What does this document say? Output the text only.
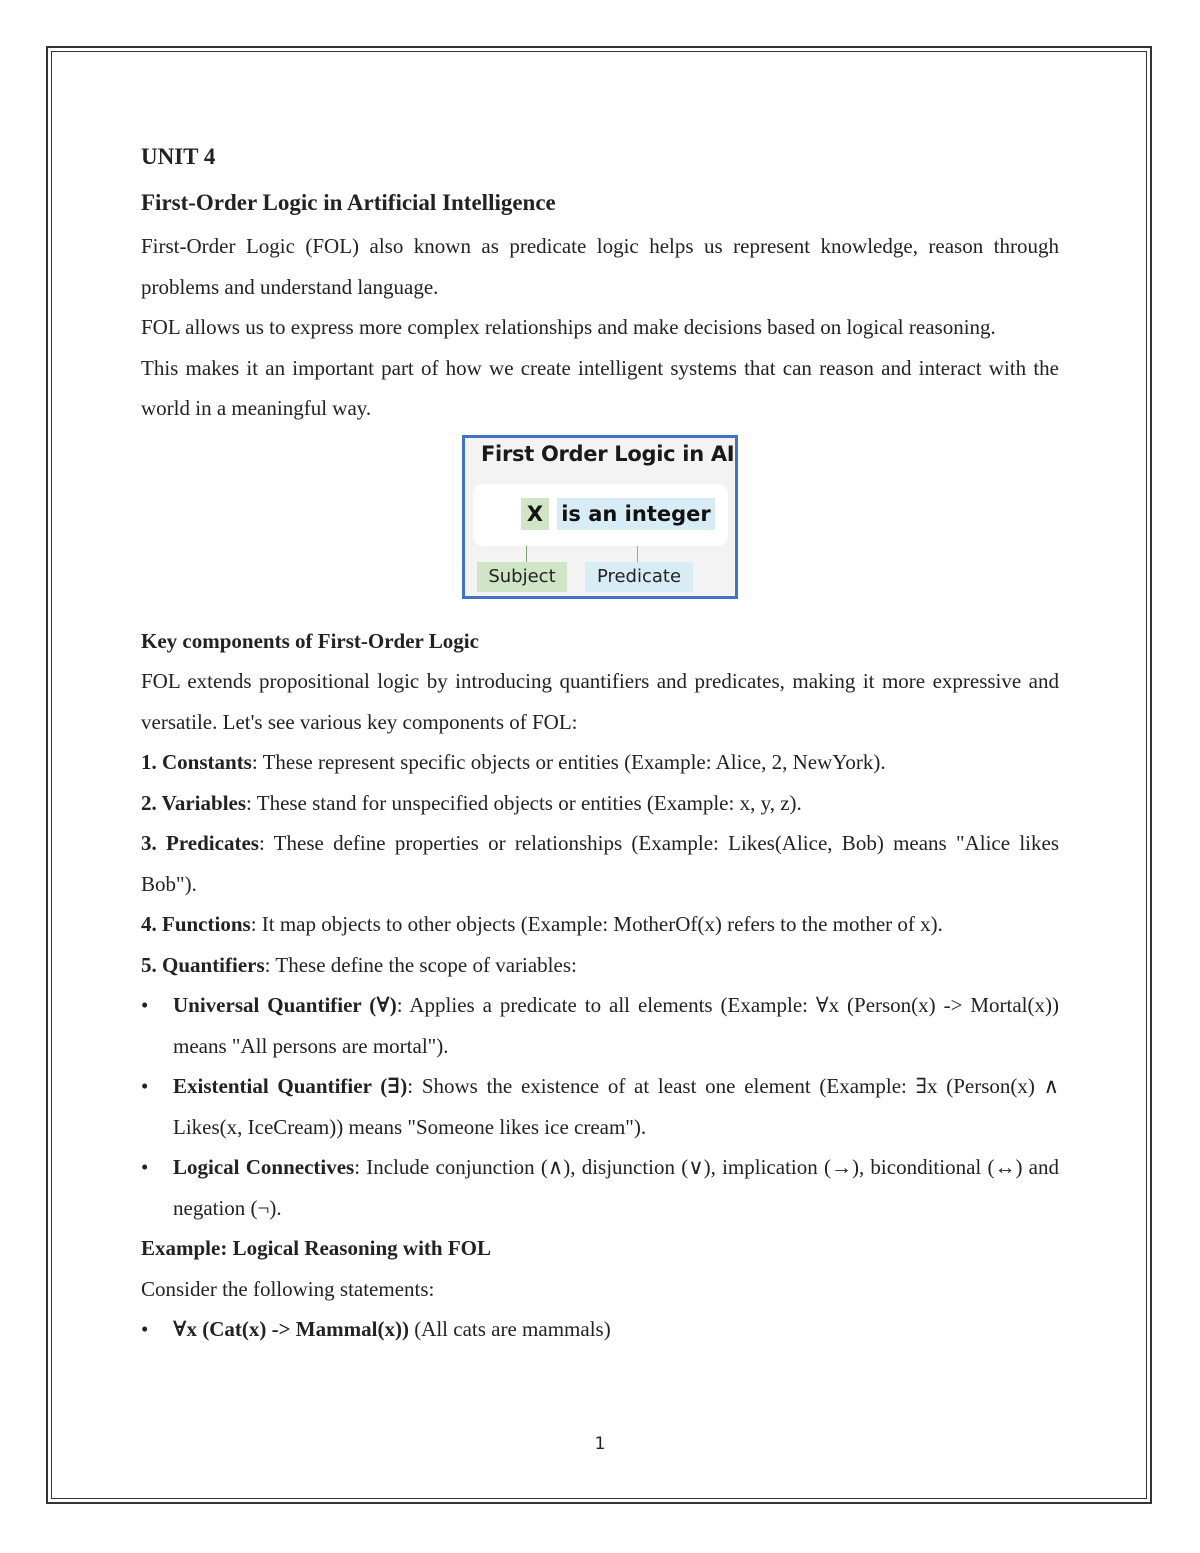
UNIT 4
First-Order Logic in Artificial Intelligence

First-Order Logic (FOL) also known as predicate logic helps us represent knowledge, reason through problems and understand language.

FOL allows us to express more complex relationships and make decisions based on logical reasoning.

This makes it an important part of how we create intelligent systems that can reason and interact with the world in a meaningful way.

First Order Logic in AI
X is an integer
Subject	Predicate
Key components of First-Order Logic

FOL extends propositional logic by introducing quantifiers and predicates, making it more expressive and versatile. Let's see various key components of FOL:

1. Constants: These represent specific objects or entities (Example: Alice, 2, NewYork).

2. Variables: These stand for unspecified objects or entities (Example: x, y, z).

3. Predicates: These define properties or relationships (Example: Likes(Alice, Bob) means "Alice likes Bob").

4. Functions: It map objects to other objects (Example: MotherOf(x) refers to the mother of x).

5. Quantifiers: These define the scope of variables:

• Universal Quantifier (∀): Applies a predicate to all elements (Example: ∀x (Person(x) -> Mortal(x)) means "All persons are mortal").
• Existential Quantifier (∃): Shows the existence of at least one element (Example: ∃x (Person(x) ∧ Likes(x, IceCream)) means "Someone likes ice cream").
• Logical Connectives: Include conjunction (∧), disjunction (∨), implication (→), biconditional (↔) and negation (¬).
Example: Logical Reasoning with FOL

Consider the following statements:

• ∀x (Cat(x) -> Mammal(x)) (All cats are mammals)
1
